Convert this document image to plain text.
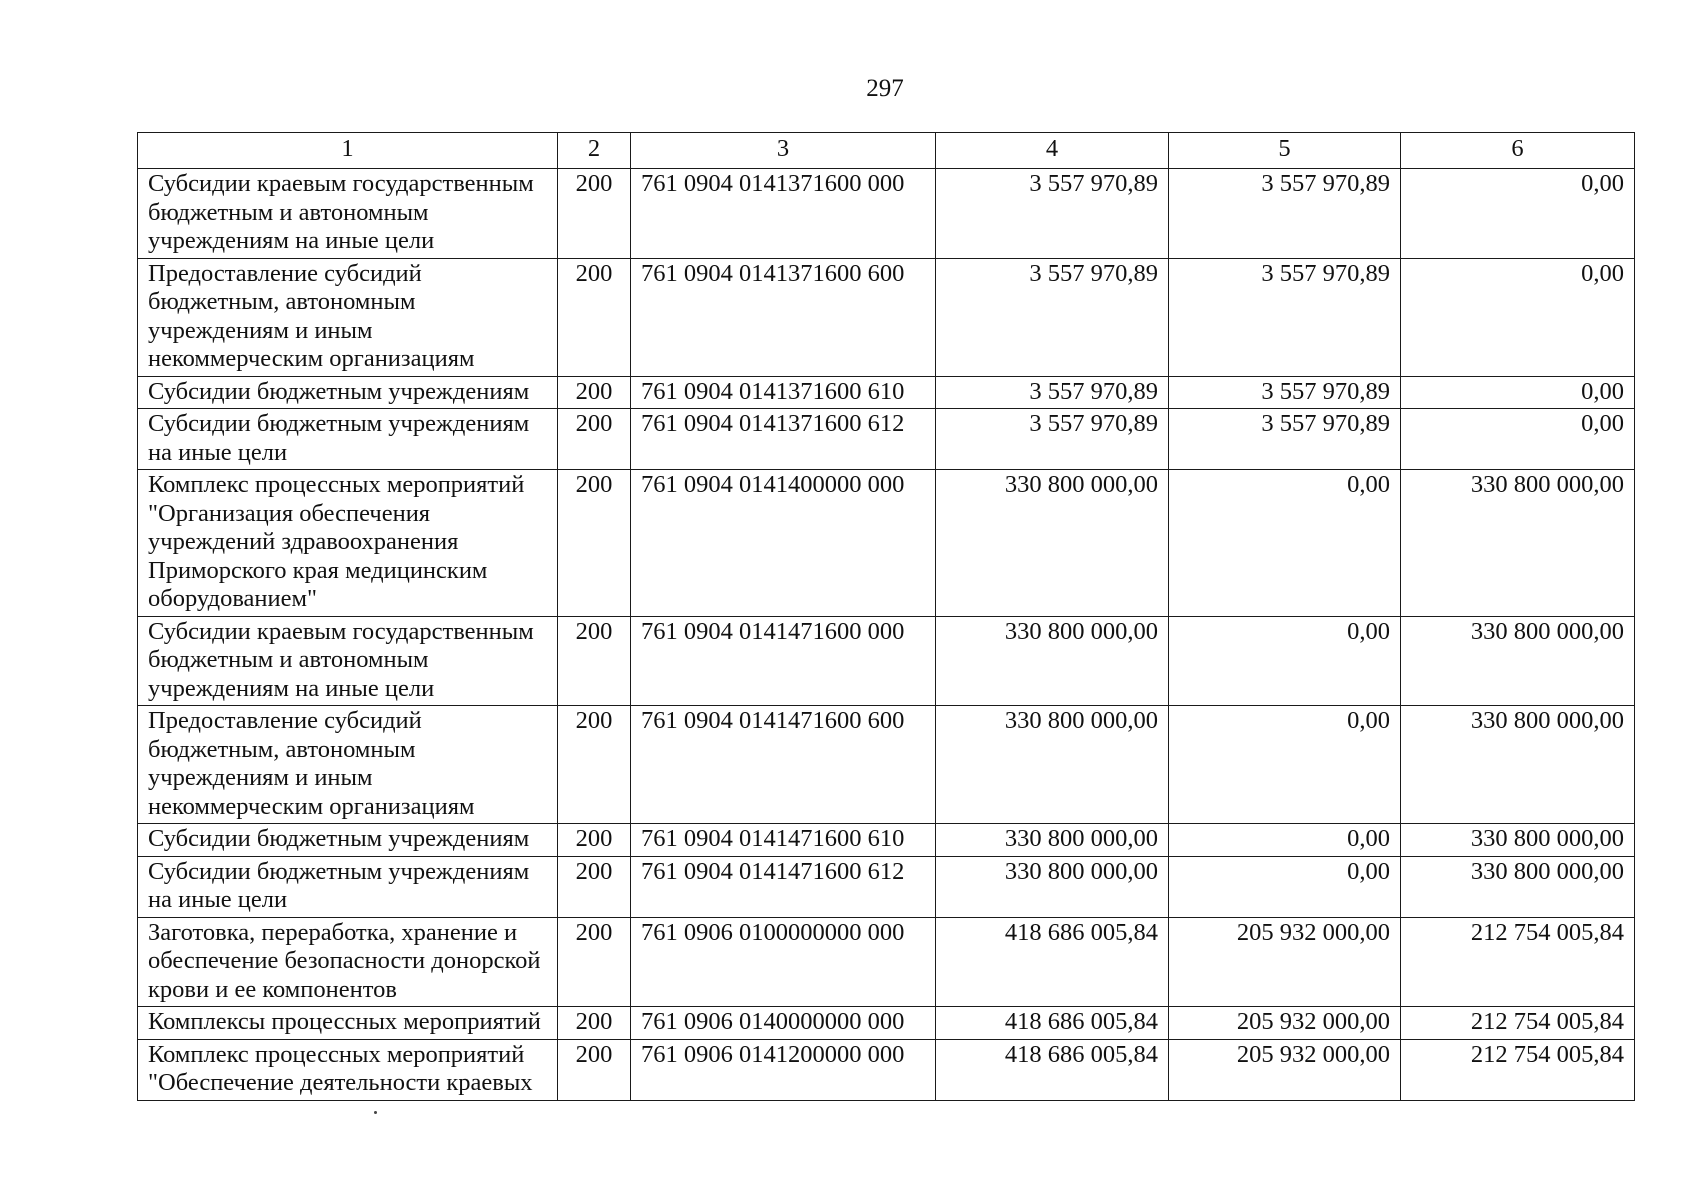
297
1	2	3	4	5	6
Субсидии краевым государственным бюджетным и автономным учреждениям на иные цели	200	761 0904 0141371600 000	3 557 970,89	3 557 970,89	0,00
Предоставление субсидий бюджетным, автономным учреждениям и иным некоммерческим организациям	200	761 0904 0141371600 600	3 557 970,89	3 557 970,89	0,00
Субсидии бюджетным учреждениям	200	761 0904 0141371600 610	3 557 970,89	3 557 970,89	0,00
Субсидии бюджетным учреждениям на иные цели	200	761 0904 0141371600 612	3 557 970,89	3 557 970,89	0,00
Комплекс процессных мероприятий "Организация обеспечения учреждений здравоохранения Приморского края медицинским оборудованием"	200	761 0904 0141400000 000	330 800 000,00	0,00	330 800 000,00
Субсидии краевым государственным бюджетным и автономным учреждениям на иные цели	200	761 0904 0141471600 000	330 800 000,00	0,00	330 800 000,00
Предоставление субсидий бюджетным, автономным учреждениям и иным некоммерческим организациям	200	761 0904 0141471600 600	330 800 000,00	0,00	330 800 000,00
Субсидии бюджетным учреждениям	200	761 0904 0141471600 610	330 800 000,00	0,00	330 800 000,00
Субсидии бюджетным учреждениям на иные цели	200	761 0904 0141471600 612	330 800 000,00	0,00	330 800 000,00
Заготовка, переработка, хранение и обеспечение безопасности донорской крови и ее компонентов	200	761 0906 0100000000 000	418 686 005,84	205 932 000,00	212 754 005,84
Комплексы процессных мероприятий	200	761 0906 0140000000 000	418 686 005,84	205 932 000,00	212 754 005,84
Комплекс процессных мероприятий "Обеспечение деятельности краевых	200	761 0906 0141200000 000	418 686 005,84	205 932 000,00	212 754 005,84
